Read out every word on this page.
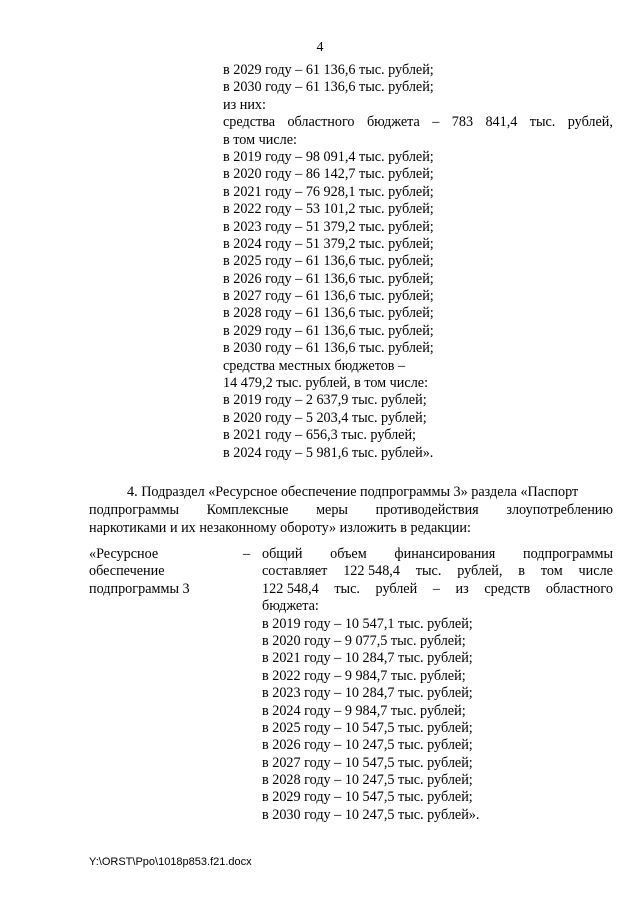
4
в 2029 году – 61 136,6 тыс. рублей;
в 2030 году – 61 136,6 тыс. рублей;
из них:
средства областного бюджета – 783 841,4 тыс. рублей,
в том числе:
в 2019 году – 98 091,4 тыс. рублей;
в 2020 году – 86 142,7 тыс. рублей;
в 2021 году – 76 928,1 тыс. рублей;
в 2022 году – 53 101,2 тыс. рублей;
в 2023 году – 51 379,2 тыс. рублей;
в 2024 году – 51 379,2 тыс. рублей;
в 2025 году – 61 136,6 тыс. рублей;
в 2026 году – 61 136,6 тыс. рублей;
в 2027 году – 61 136,6 тыс. рублей;
в 2028 году – 61 136,6 тыс. рублей;
в 2029 году – 61 136,6 тыс. рублей;
в 2030 году – 61 136,6 тыс. рублей;
средства местных бюджетов –
14 479,2 тыс. рублей, в том числе:
в 2019 году – 2 637,9 тыс. рублей;
в 2020 году – 5 203,4 тыс. рублей;
в 2021 году – 656,3 тыс. рублей;
в 2024 году – 5 981,6 тыс. рублей».
4. Подраздел «Ресурсное обеспечение подпрограммы 3» раздела «Паспорт
подпрограммы Комплексные меры противодействия злоупотреблению
наркотиками и их незаконному обороту» изложить в редакции:
«Ресурсное
обеспечение
подпрограммы 3
– общий объем финансирования подпрограммы
составляет 122 548,4 тыс. рублей, в том числе
122 548,4 тыс. рублей – из средств областного
бюджета:
в 2019 году – 10 547,1 тыс. рублей;
в 2020 году – 9 077,5 тыс. рублей;
в 2021 году – 10 284,7 тыс. рублей;
в 2022 году – 9 984,7 тыс. рублей;
в 2023 году – 10 284,7 тыс. рублей;
в 2024 году – 9 984,7 тыс. рублей;
в 2025 году – 10 547,5 тыс. рублей;
в 2026 году – 10 247,5 тыс. рублей;
в 2027 году – 10 547,5 тыс. рублей;
в 2028 году – 10 247,5 тыс. рублей;
в 2029 году – 10 547,5 тыс. рублей;
в 2030 году – 10 247,5 тыс. рублей».
Y:\ORST\Ppo\1018p853.f21.docx
